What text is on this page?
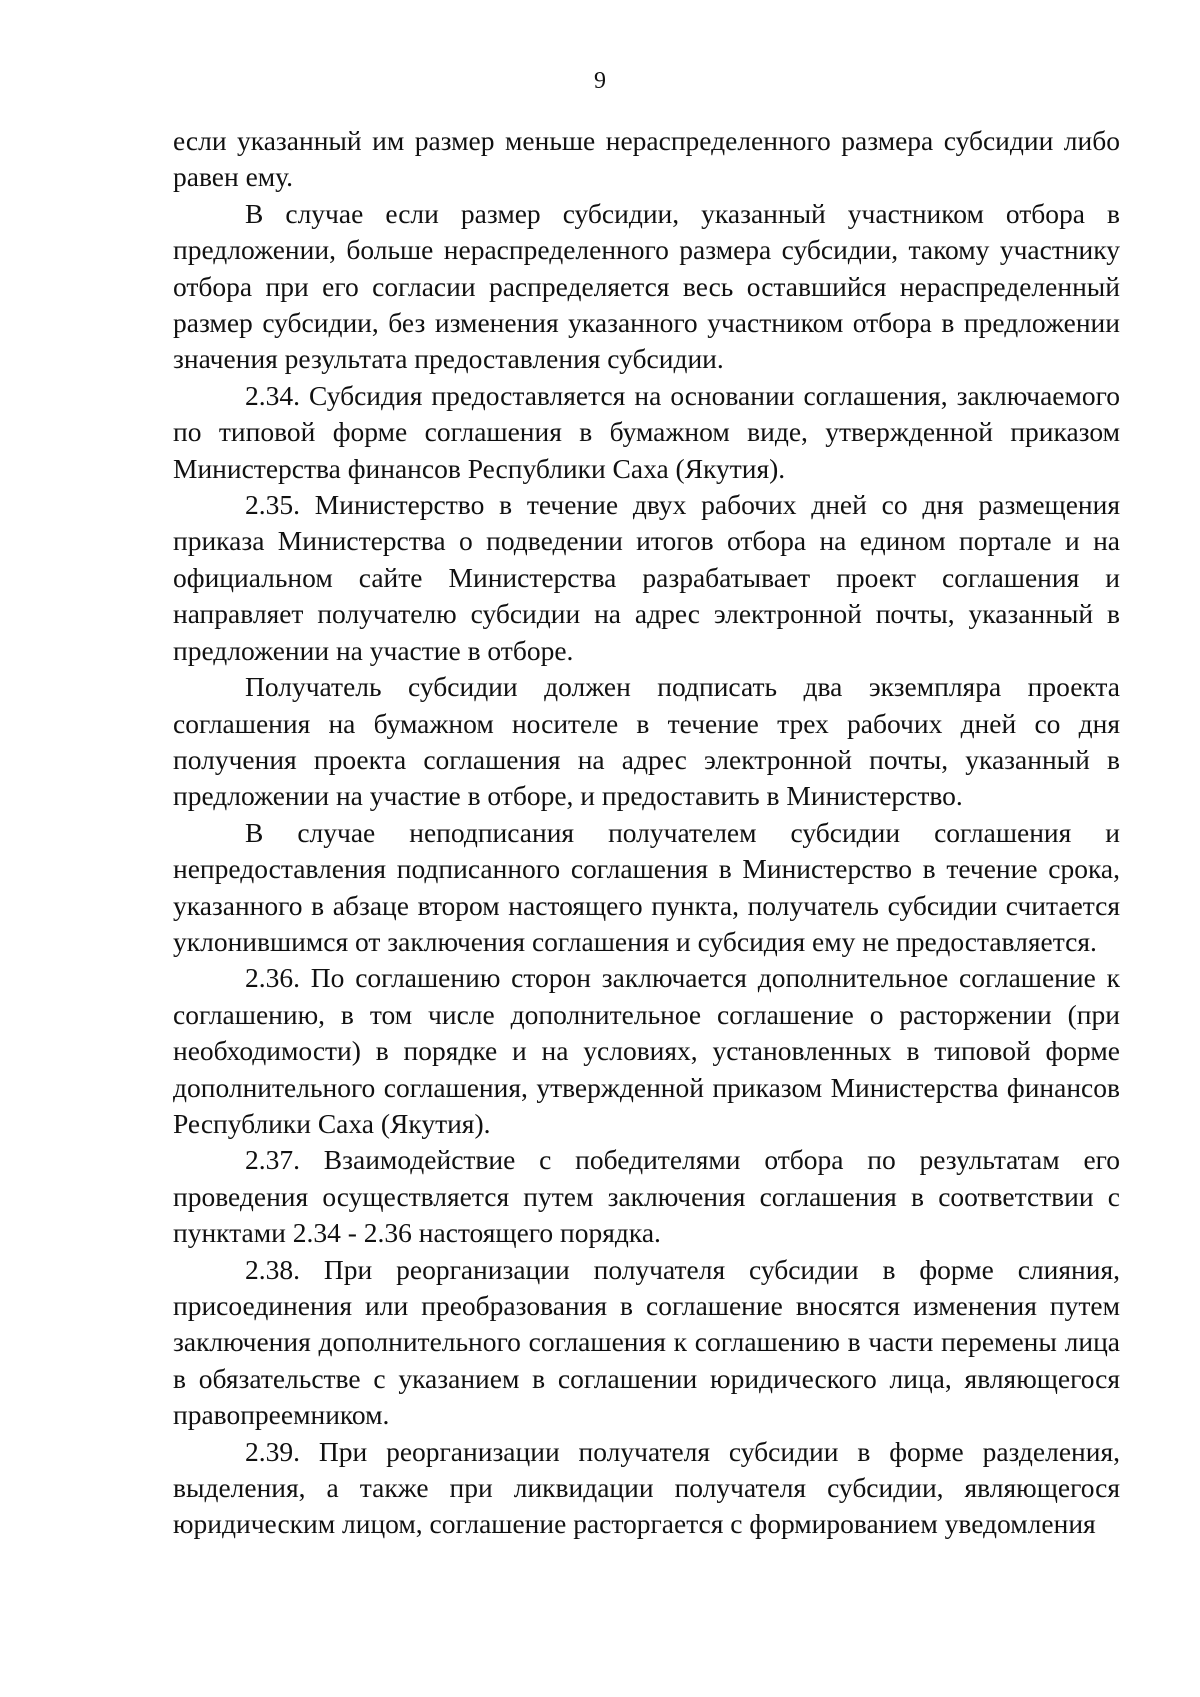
9

если указанный им размер меньше нераспределенного размера субсидии либо равен ему.

В случае если размер субсидии, указанный участником отбора в предложении, больше нераспределенного размера субсидии, такому участнику отбора при его согласии распределяется весь оставшийся нераспределенный размер субсидии, без изменения указанного участником отбора в предложении значения результата предоставления субсидии.

2.34. Субсидия предоставляется на основании соглашения, заключаемого по типовой форме соглашения в бумажном виде, утвержденной приказом Министерства финансов Республики Саха (Якутия).

2.35. Министерство в течение двух рабочих дней со дня размещения приказа Министерства о подведении итогов отбора на едином портале и на официальном сайте Министерства разрабатывает проект соглашения и направляет получателю субсидии на адрес электронной почты, указанный в предложении на участие в отборе.

Получатель субсидии должен подписать два экземпляра проекта соглашения на бумажном носителе в течение трех рабочих дней со дня получения проекта соглашения на адрес электронной почты, указанный в предложении на участие в отборе, и предоставить в Министерство.

В случае неподписания получателем субсидии соглашения и непредоставления подписанного соглашения в Министерство в течение срока, указанного в абзаце втором настоящего пункта, получатель субсидии считается уклонившимся от заключения соглашения и субсидия ему не предоставляется.

2.36. По соглашению сторон заключается дополнительное соглашение к соглашению, в том числе дополнительное соглашение о расторжении (при необходимости) в порядке и на условиях, установленных в типовой форме дополнительного соглашения, утвержденной приказом Министерства финансов Республики Саха (Якутия).

2.37. Взаимодействие с победителями отбора по результатам его проведения осуществляется путем заключения соглашения в соответствии с пунктами 2.34 - 2.36 настоящего порядка.

2.38. При реорганизации получателя субсидии в форме слияния, присоединения или преобразования в соглашение вносятся изменения путем заключения дополнительного соглашения к соглашению в части перемены лица в обязательстве с указанием в соглашении юридического лица, являющегося правопреемником.

2.39. При реорганизации получателя субсидии в форме разделения, выделения, а также при ликвидации получателя субсидии, являющегося юридическим лицом, соглашение расторгается с формированием уведомления
